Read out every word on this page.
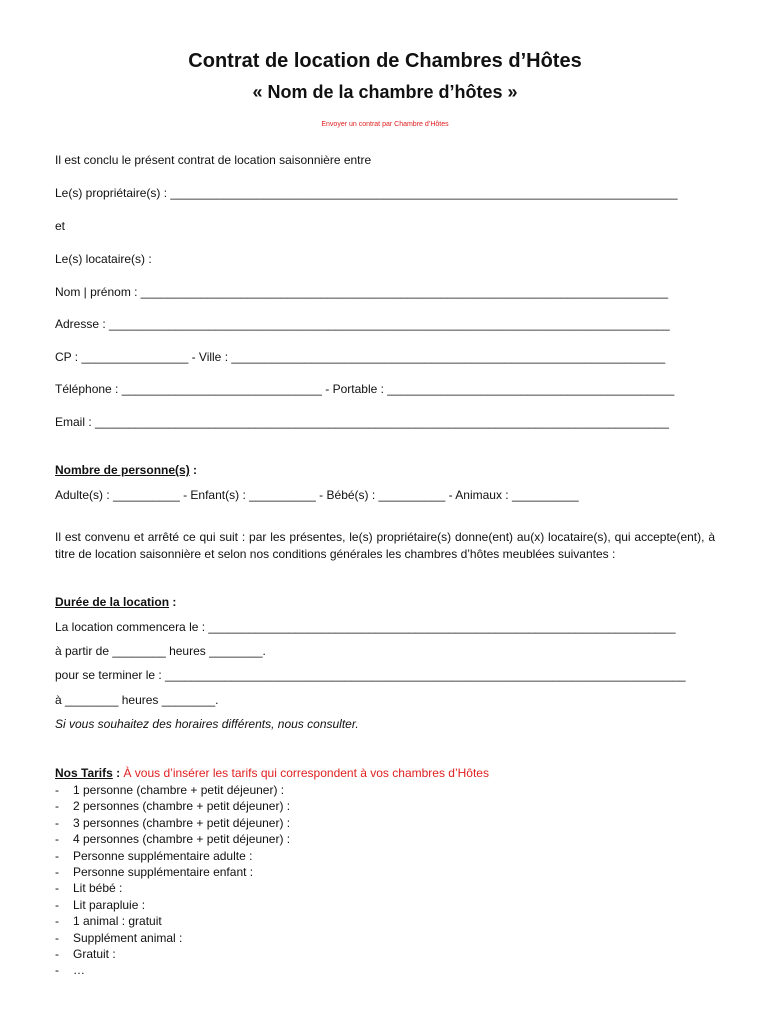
Contrat de location de Chambres d’Hôtes
« Nom de la chambre d’hôtes »

Envoyer un contrat par Chambre d’Hôtes

Il est conclu le présent contrat de location saisonnière entre

Le(s) propriétaire(s) : ____________________________________________________________________________

et

Le(s) locataire(s) :

Nom | prénom : _______________________________________________________________________________

Adresse : ____________________________________________________________________________________

CP : ________________ - Ville : _________________________________________________________________

Téléphone : ______________________________ - Portable : ___________________________________________

Email : ______________________________________________________________________________________

Nombre de personne(s) :

Adulte(s) : __________ - Enfant(s) : __________ - Bébé(s) : __________ - Animaux : __________

Il est convenu et arrêté ce qui suit : par les présentes, le(s) propriétaire(s) donne(ent) au(x) locataire(s), qui accepte(ent), à titre de location saisonnière et selon nos conditions générales les chambres d’hôtes meublées suivantes :

Durée de la location :

La location commencera le : ______________________________________________________________________

à partir de ________ heures ________.

pour se terminer le : ______________________________________________________________________________

à ________ heures ________.

Si vous souhaitez des horaires différents, nous consulter.

Nos Tarifs : À vous d’insérer les tarifs qui correspondent à vos chambres d’Hôtes

- 1 personne (chambre + petit déjeuner) :
- 2 personnes (chambre + petit déjeuner) :
- 3 personnes (chambre + petit déjeuner) :
- 4 personnes (chambre + petit déjeuner) :
- Personne supplémentaire adulte :
- Personne supplémentaire enfant :
- Lit bébé :
- Lit parapluie :
- 1 animal : gratuit
- Supplément animal :
- Gratuit :
- …
